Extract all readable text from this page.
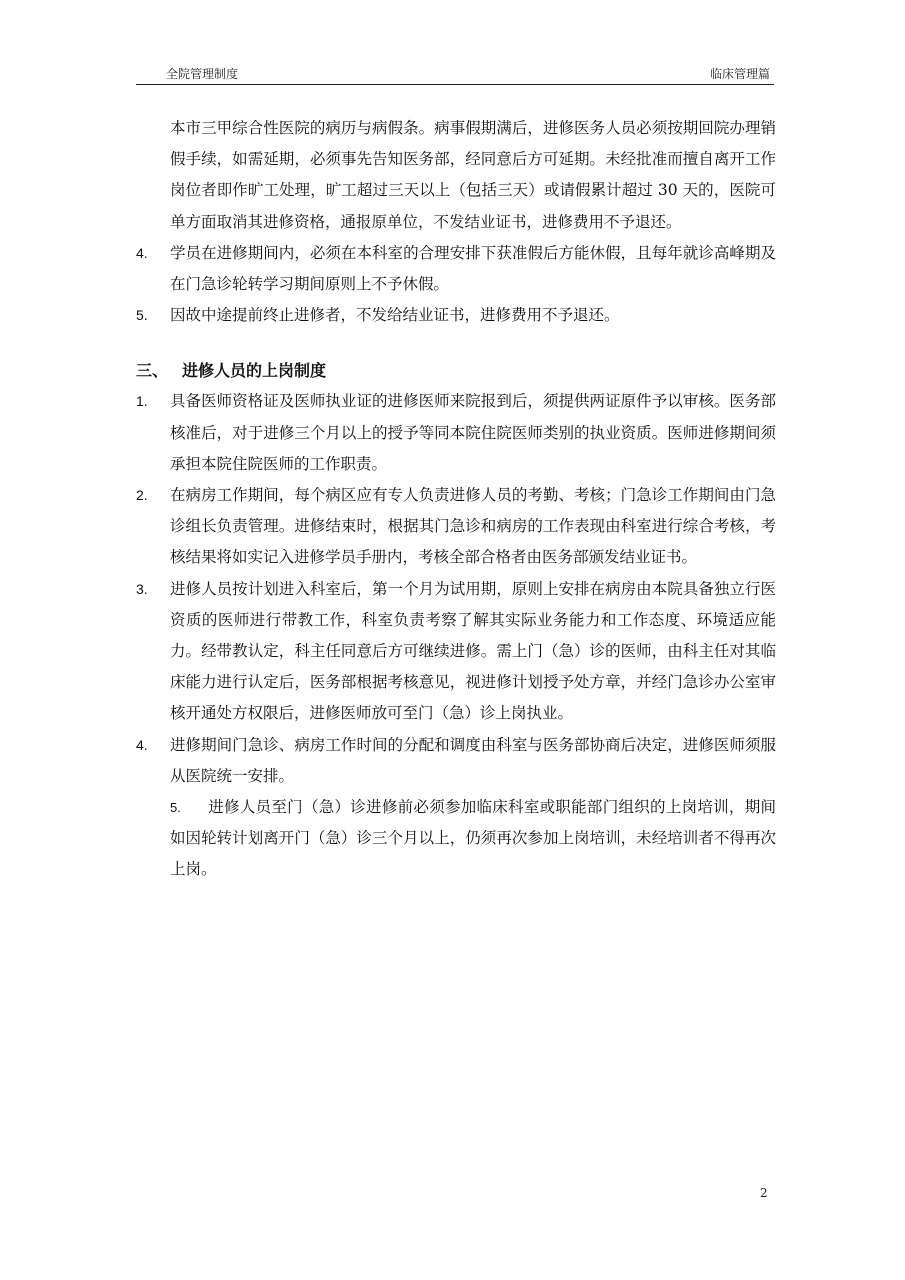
全院管理制度	临床管理篇

本市三甲综合性医院的病历与病假条。病事假期满后，进修医务人员必须按期回院办理销假手续，如需延期，必须事先告知医务部，经同意后方可延期。未经批准而擅自离开工作岗位者即作旷工处理，旷工超过三天以上（包括三天）或请假累计超过 30 天的，医院可单方面取消其进修资格，通报原单位，不发结业证书，进修费用不予退还。

4.	学员在进修期间内，必须在本科室的合理安排下获准假后方能休假，且每年就诊高峰期及在门急诊轮转学习期间原则上不予休假。
5.	因故中途提前终止进修者，不发给结业证书，进修费用不予退还。

三、 进修人员的上岗制度

1.	具备医师资格证及医师执业证的进修医师来院报到后，须提供两证原件予以审核。医务部核准后，对于进修三个月以上的授予等同本院住院医师类别的执业资质。医师进修期间须承担本院住院医师的工作职责。
2.	在病房工作期间，每个病区应有专人负责进修人员的考勤、考核；门急诊工作期间由门急诊组长负责管理。进修结束时，根据其门急诊和病房的工作表现由科室进行综合考核，考核结果将如实记入进修学员手册内，考核全部合格者由医务部颁发结业证书。
3.	进修人员按计划进入科室后，第一个月为试用期，原则上安排在病房由本院具备独立行医资质的医师进行带教工作，科室负责考察了解其实际业务能力和工作态度、环境适应能力。经带教认定，科主任同意后方可继续进修。需上门（急）诊的医师，由科主任对其临床能力进行认定后，医务部根据考核意见，视进修计划授予处方章，并经门急诊办公室审核开通处方权限后，进修医师放可至门（急）诊上岗执业。
4.	进修期间门急诊、病房工作时间的分配和调度由科室与医务部协商后决定，进修医师须服从医院统一安排。

5. 进修人员至门（急）诊进修前必须参加临床科室或职能部门组织的上岗培训，期间如因轮转计划离开门（急）诊三个月以上，仍须再次参加上岗培训，未经培训者不得再次上岗。

2
